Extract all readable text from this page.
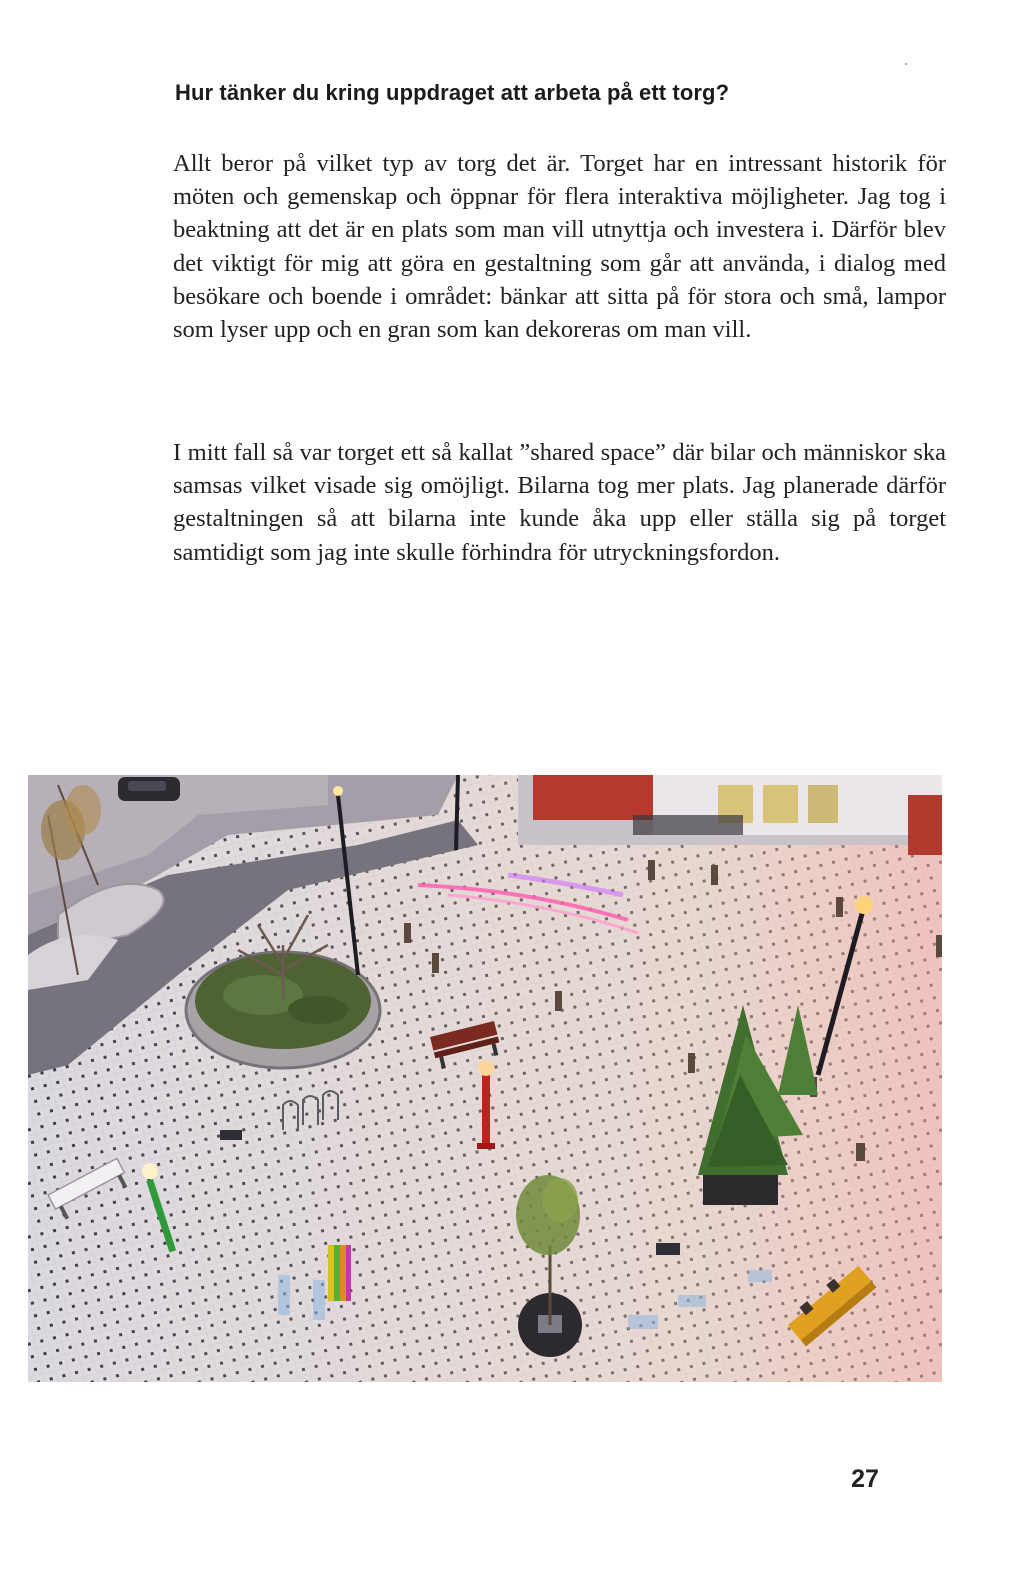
Hur tänker du kring uppdraget att arbeta på ett torg?

Allt beror på vilket typ av torg det är. Torget har en intressant historik för möten och gemenskap och öppnar för flera interaktiva möjligheter. Jag tog i beaktning att det är en plats som man vill utnyttja och investera i. Därför blev det viktigt för mig att göra en gestaltning som går att använda, i dialog med besökare och boende i området: bänkar att sitta på för stora och små, lampor som lyser upp och en gran som kan dekoreras om man vill.

I mitt fall så var torget ett så kallat ”shared space” där bilar och människor ska samsas vilket visade sig omöjligt. Bilarna tog mer plats. Jag planerade därför gestaltningen så att bilarna inte kunde åka upp eller ställa sig på torget samtidigt som jag inte skulle förhindra för utryckningsfordon.

27
